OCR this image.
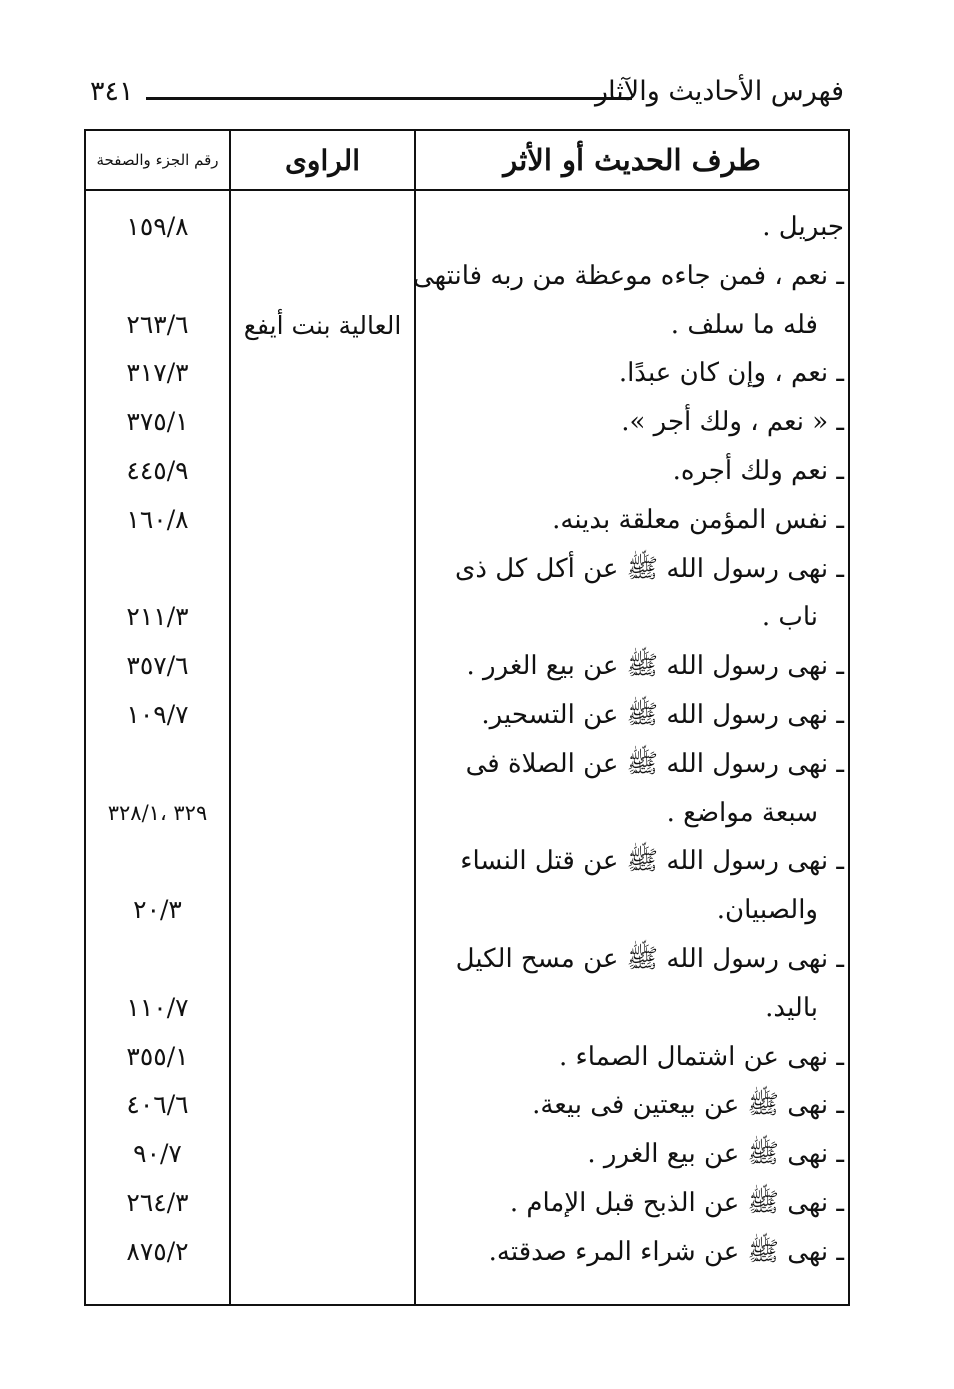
٣٤١	فهرس الأحاديث والآثار
طرف الحديث أو الأثر
الراوى
رقم الجزء والصفحة
العالية بنت أيفع
جبريل .
١٥٩/٨
ـ نعم ، فمن جاءه موعظة من ربه فانتهى
فله ما سلف .
٢٦٣/٦
ـ نعم ، وإن كان عبدًا.
٣١٧/٣
ـ « نعم ، ولك أجر ».
٣٧٥/١
ـ نعم ولك أجره.
٤٤٥/٩
ـ نفس المؤمن معلقة بدينه.
١٦٠/٨
ـ نهى رسول الله ﷺ عن أكل كل ذى
ناب .
٢١١/٣
ـ نهى رسول الله ﷺ عن بيع الغرر .
٣٥٧/٦
ـ نهى رسول الله ﷺ عن التسحير.
١٠٩/٧
ـ نهى رسول الله ﷺ عن الصلاة فى
سبعة مواضع .
٣٢٩ ،٣٢٨/١
ـ نهى رسول الله ﷺ عن قتل النساء
والصبيان.
٢٠/٣
ـ نهى رسول الله ﷺ عن مسح الكيل
باليد.
١١٠/٧
ـ نهى عن اشتمال الصماء .
٣٥٥/١
ـ نهى ﷺ عن بيعتين فى بيعة.
٤٠٦/٦
ـ نهى ﷺ عن بيع الغرر .
٩٠/٧
ـ نهى ﷺ عن الذبح قبل الإمام .
٢٦٤/٣
ـ نهى ﷺ عن شراء المرء صدقته.
٨٧٥/٢
